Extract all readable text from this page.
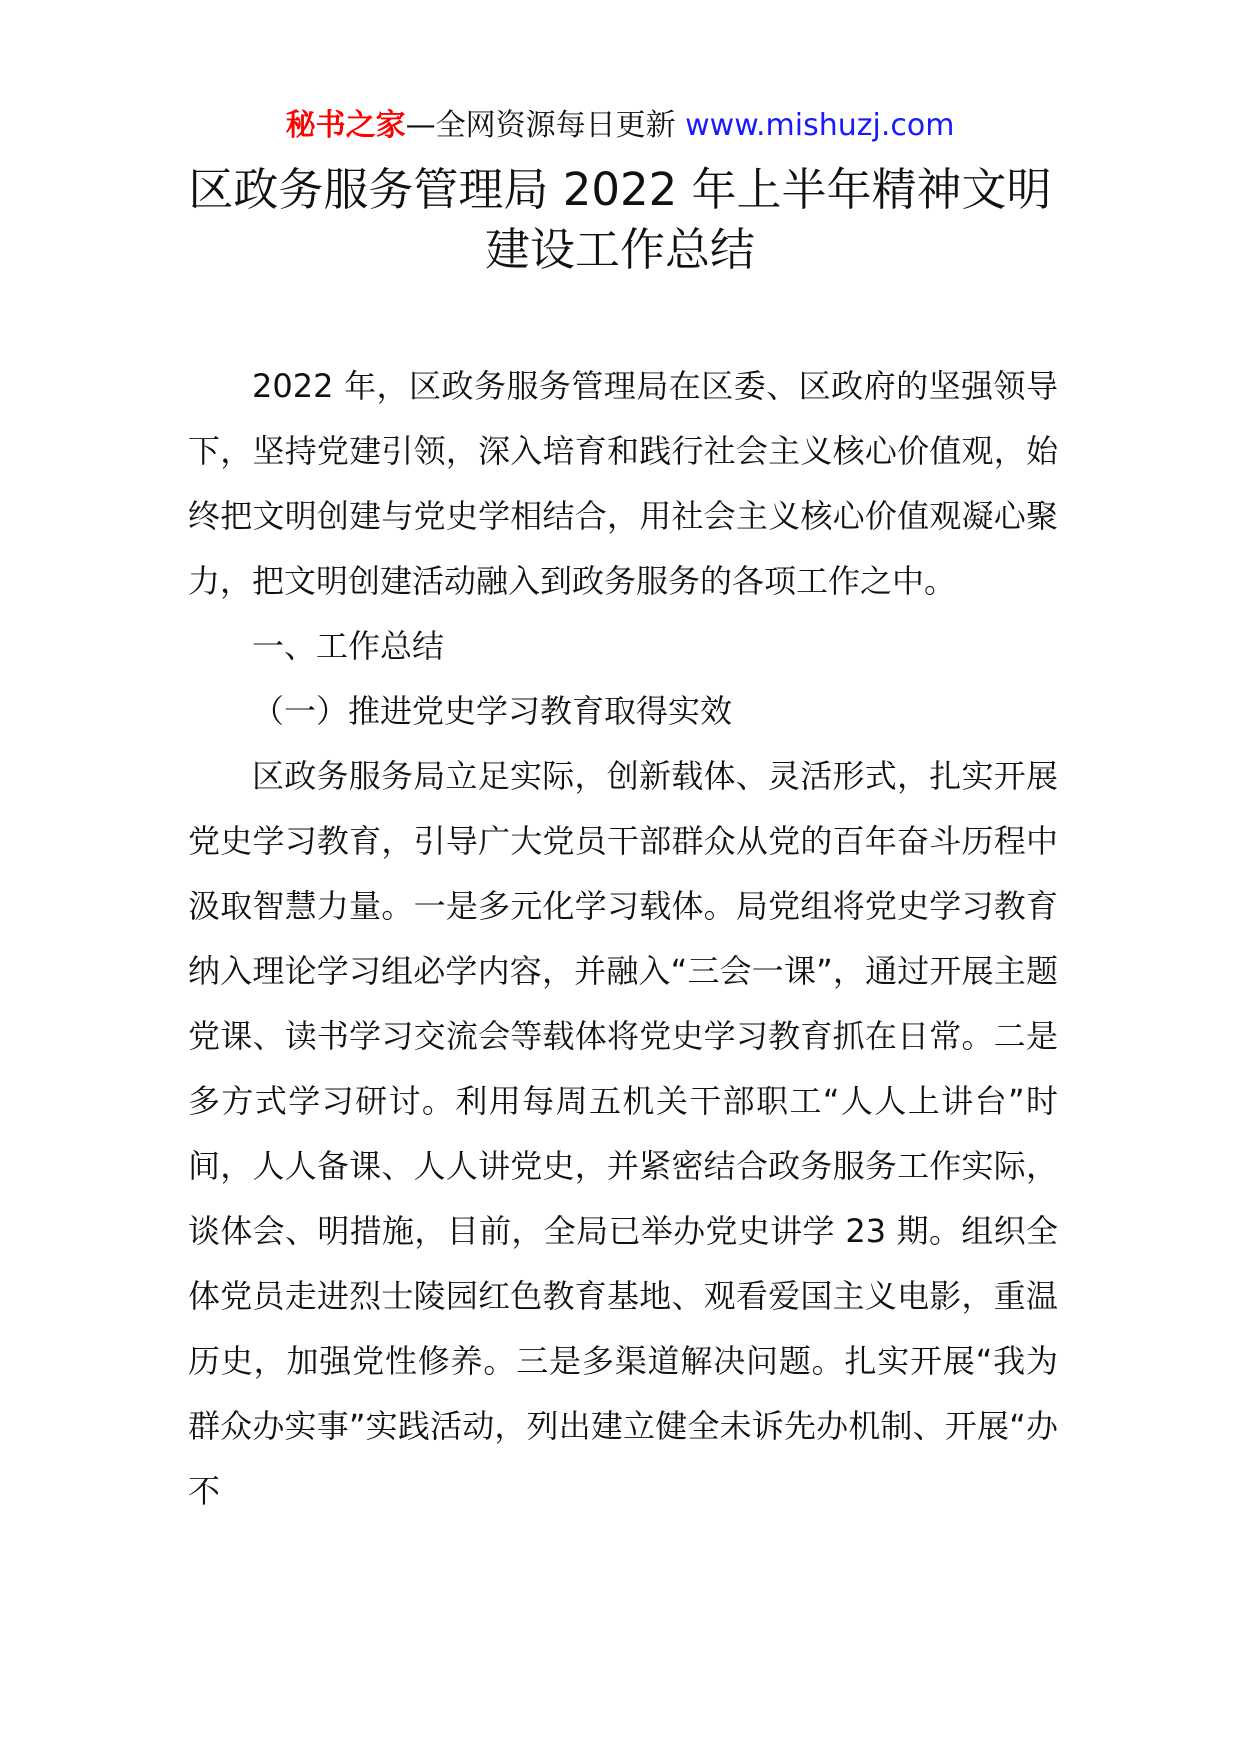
秘书之家—全网资源每日更新 www.mishuzj.com
区政务服务管理局 2022 年上半年精神文明
建设工作总结

2022 年，区政务服务管理局在区委、区政府的坚强领导下，坚持党建引领，深入培育和践行社会主义核心价值观，始终把文明创建与党史学相结合，用社会主义核心价值观凝心聚力，把文明创建活动融入到政务服务的各项工作之中。

一、工作总结

（一）推进党史学习教育取得实效

区政务服务局立足实际，创新载体、灵活形式，扎实开展党史学习教育，引导广大党员干部群众从党的百年奋斗历程中汲取智慧力量。一是多元化学习载体。局党组将党史学习教育纳入理论学习组必学内容，并融入“三会一课”，通过开展主题党课、读书学习交流会等载体将党史学习教育抓在日常。二是多方式学习研讨。利用每周五机关干部职工“人人上讲台”时间，人人备课、人人讲党史，并紧密结合政务服务工作实际，谈体会、明措施，目前，全局已举办党史讲学 23 期。组织全体党员走进烈士陵园红色教育基地、观看爱国主义电影，重温历史，加强党性修养。三是多渠道解决问题。扎实开展“我为群众办实事”实践活动，列出建立健全未诉先办机制、开展“办不
